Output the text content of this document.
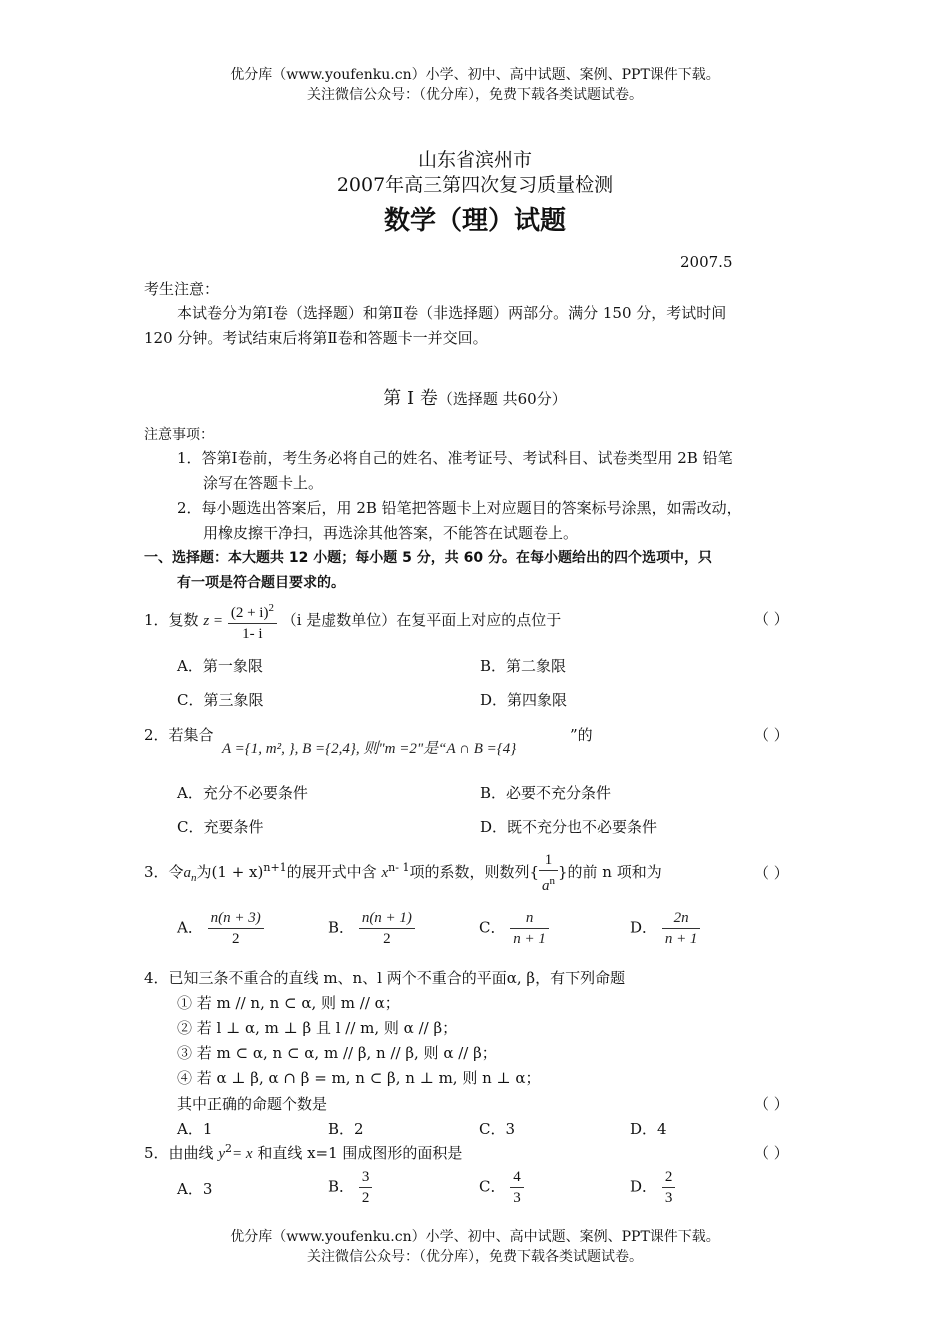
优分库（www.youfenku.cn）小学、初中、高中试题、案例、PPT课件下载。
关注微信公众号：（优分库），免费下载各类试题试卷。
山东省滨州市
2007年高三第四次复习质量检测
数学（理）试题
2007.5
考生注意：
本试卷分为第Ⅰ卷（选择题）和第Ⅱ卷（非选择题）两部分。满分 150 分，考试时间
120 分钟。考试结束后将第Ⅱ卷和答题卡一并交回。
第 Ⅰ 卷（选择题 共60分）
注意事项：
1．答第Ⅰ卷前，考生务必将自己的姓名、准考证号、考试科目、试卷类型用 2B 铅笔
涂写在答题卡上。
2．每小题选出答案后，用 2B 铅笔把答题卡上对应题目的答案标号涂黑，如需改动，
用橡皮擦干净扫，再选涂其他答案，不能答在试题卷上。
一、选择题：本大题共 12 小题；每小题 5 分，共 60 分。在每小题给出的四个选项中，只
有一项是符合题目要求的。
1．复数 $z = \frac{(2 + i)^2}{1- i} (i$ 是虚数单位）在复平面上对应的点位于	（ ）
A．第一象限	B．第二象限
C．第三象限	D．第四象限
2．若集合
A ={1, m², }, B ={2,4}, 则"m =2"是“A ∩ B ={4}
”的	（ ）
A．充分不必要条件	B．必要不充分条件
C．充要条件	D．既不充分也不必要条件
3．令$a_n$为$(1 + x)^{n+1}$的展开式中含 $x^{n- 1}$项的系数，则数列{ $\frac{1}{a^n}$ }的前 n 项和为	（ ）
A． $\frac{n(n + 3)}{2}$	B． $\frac{n(n + 1)}{2}$	C． $\frac{n}{n + 1}$	D． $\frac{2n}{n + 1}$
4．已知三条不重合的直线 m、n、l 两个不重合的平面α, β，有下列命题
① 若 m // n, n ⊂ α, 则 m // α；
② 若 l ⊥ α, m ⊥ β 且 l // m, 则 α // β；
③ 若 m ⊂ α, n ⊂ α, m // β, n // β, 则 α // β；
④ 若 α ⊥ β, α ∩ β = m, n ⊂ β, n ⊥ m, 则 n ⊥ α；
其中正确的命题个数是	（ ）
A．1	B．2	C．3	D．4
5．由曲线 $y^2= x$ 和直线 x=1 围成图形的面积是	（ ）
A．3	B． $\frac{3}{2}$	C． $\frac{4}{3}$	D． $\frac{2}{3}$
优分库（www.youfenku.cn）小学、初中、高中试题、案例、PPT课件下载。
关注微信公众号：（优分库），免费下载各类试题试卷。
